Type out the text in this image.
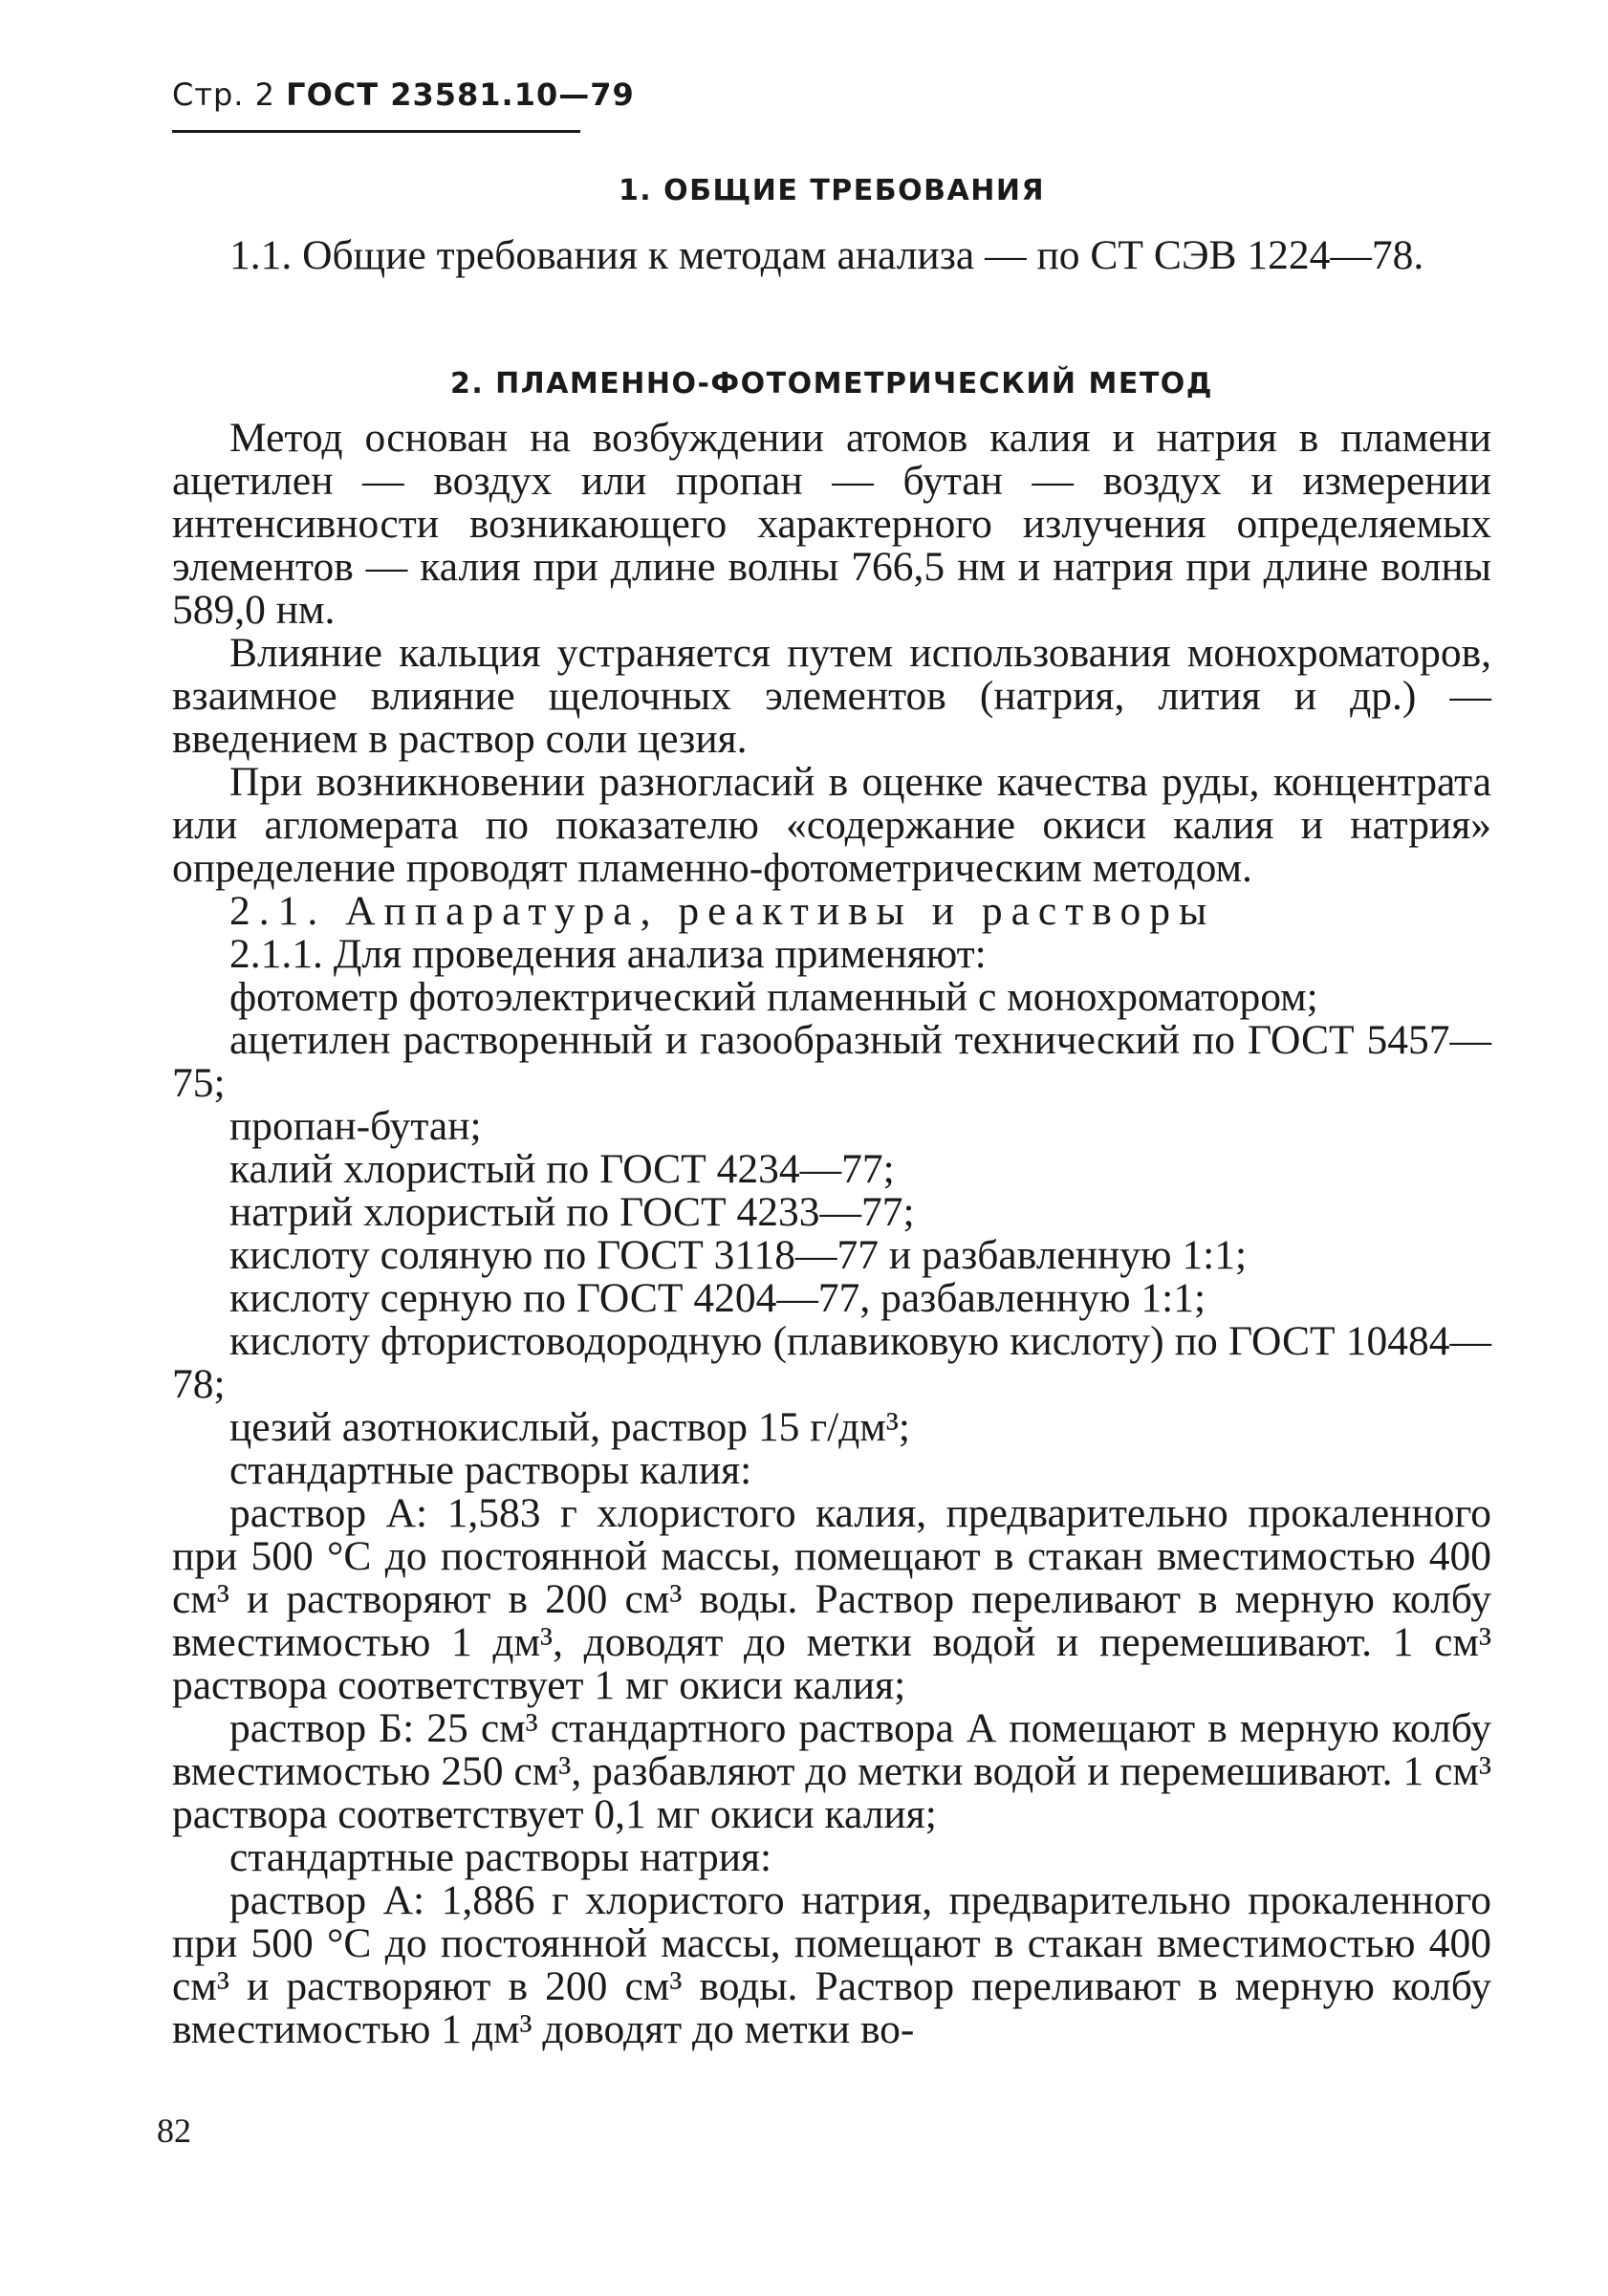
Стр. 2 ГОСТ 23581.10—79
1. ОБЩИЕ ТРЕБОВАНИЯ

1.1. Общие требования к методам анализа — по СТ СЭВ 1224—78.

2. ПЛАМЕННО-ФОТОМЕТРИЧЕСКИЙ МЕТОД

Метод основан на возбуждении атомов калия и натрия в пламени ацетилен — воздух или пропан — бутан — воздух и измерении интенсивности возникающего характерного излучения определяемых элементов — калия при длине волны 766,5 нм и натрия при длине волны 589,0 нм.

Влияние кальция устраняется путем использования монохроматоров, взаимное влияние щелочных элементов (натрия, лития и др.) — введением в раствор соли цезия.

При возникновении разногласий в оценке качества руды, концентрата или агломерата по показателю «содержание окиси калия и натрия» определение проводят пламенно-фотометрическим методом.

2.1. Аппаратура, реактивы и растворы

2.1.1. Для проведения анализа применяют:

фотометр фотоэлектрический пламенный с монохроматором;

ацетилен растворенный и газообразный технический по ГОСТ 5457—75;

пропан-бутан;

калий хлористый по ГОСТ 4234—77;

натрий хлористый по ГОСТ 4233—77;

кислоту соляную по ГОСТ 3118—77 и разбавленную 1:1;

кислоту серную по ГОСТ 4204—77, разбавленную 1:1;

кислоту фтористоводородную (плавиковую кислоту) по ГОСТ 10484—78;

цезий азотнокислый, раствор 15 г/дм³;

стандартные растворы калия:

раствор А: 1,583 г хлористого калия, предварительно прокаленного при 500 °С до постоянной массы, помещают в стакан вместимостью 400 см³ и растворяют в 200 см³ воды. Раствор переливают в мерную колбу вместимостью 1 дм³, доводят до метки водой и перемешивают. 1 см³ раствора соответствует 1 мг окиси калия;

раствор Б: 25 см³ стандартного раствора А помещают в мерную колбу вместимостью 250 см³, разбавляют до метки водой и перемешивают. 1 см³ раствора соответствует 0,1 мг окиси калия;

стандартные растворы натрия:

раствор А: 1,886 г хлористого натрия, предварительно прокаленного при 500 °С до постоянной массы, помещают в стакан вместимостью 400 см³ и растворяют в 200 см³ воды. Раствор переливают в мерную колбу вместимостью 1 дм³ доводят до метки во-

82
